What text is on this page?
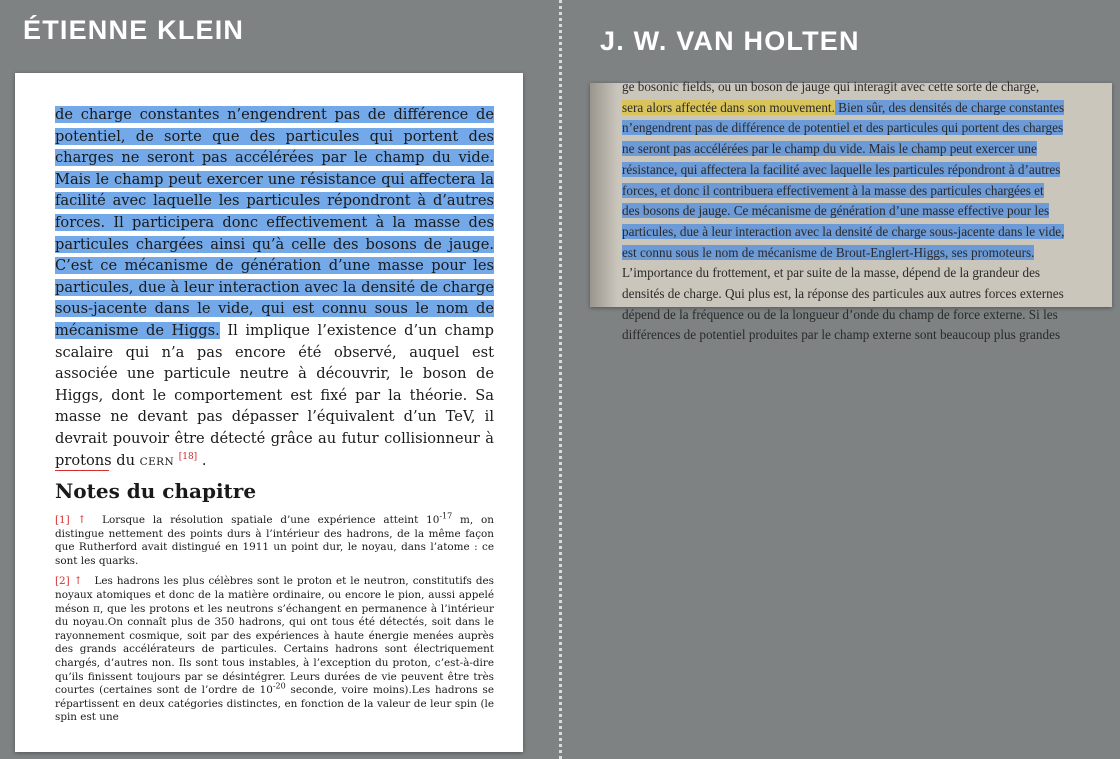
ÉTIENNE KLEIN	J. W. VAN HOLTEN

de charge constantes n’engendrent pas de différence de potentiel, de sorte que des particules qui portent des charges ne seront pas accélérées par le champ du vide. Mais le champ peut exercer une résistance qui affectera la facilité avec laquelle les particules répondront à d’autres forces. Il participera donc effectivement à la masse des particules chargées ainsi qu’à celle des bosons de jauge. C’est ce mécanisme de génération d’une masse pour les particules, due à leur interaction avec la densité de charge sous-jacente dans le vide, qui est connu sous le nom de mécanisme de Higgs. Il implique l’existence d’un champ scalaire qui n’a pas encore été observé, auquel est associée une particule neutre à découvrir, le boson de Higgs, dont le comportement est fixé par la théorie. Sa masse ne devant pas dépasser l’équivalent d’un TeV, il devrait pouvoir être détecté grâce au futur collisionneur à protons du CERN [18] .

Notes du chapitre

[1] ↑ Lorsque la résolution spatiale d’une expérience atteint $10^{-17}$ m, on distingue nettement des points durs à l’intérieur des hadrons, de la même façon que Rutherford avait distingué en 1911 un point dur, le noyau, dans l’atome : ce sont les quarks.

[2] ↑ Les hadrons les plus célèbres sont le proton et le neutron, constitutifs des noyaux atomiques et donc de la matière ordinaire, ou encore le pion, aussi appelé méson π, que les protons et les neutrons s’échangent en permanence à l’intérieur du noyau.On connaît plus de 350 hadrons, qui ont tous été détectés, soit dans le rayonnement cosmique, soit par des expériences à haute énergie menées auprès des grands accélérateurs de particules. Certains hadrons sont électriquement chargés, d’autres non. Ils sont tous instables, à l’exception du proton, c’est-à-dire qu’ils finissent toujours par se désintégrer. Leurs durées de vie peuvent être très courtes (certaines sont de l’ordre de $10^{-20}$ seconde, voire moins).Les hadrons se répartissent en deux catégories distinctes, en fonction de la valeur de leur spin (le spin est une

ge bosonic fields, ou un boson de jauge qui interagit avec cette sorte de charge,
sera alors affectée dans son mouvement. Bien sûr, des densités de charge constantes
n’engendrent pas de différence de potentiel et des particules qui portent des charges
ne seront pas accélérées par le champ du vide. Mais le champ peut exercer une
résistance, qui affectera la facilité avec laquelle les particules répondront à d’autres
forces, et donc il contribuera effectivement à la masse des particules chargées et
des bosons de jauge. Ce mécanisme de génération d’une masse effective pour les
particules, due à leur interaction avec la densité de charge sous-jacente dans le vide,
est connu sous le nom de mécanisme de Brout-Englert-Higgs, ses promoteurs.
L’importance du frottement, et par suite de la masse, dépend de la grandeur des
densités de charge. Qui plus est, la réponse des particules aux autres forces externes
dépend de la fréquence ou de la longueur d’onde du champ de force externe. Si les
différences de potentiel produites par le champ externe sont beaucoup plus grandes
